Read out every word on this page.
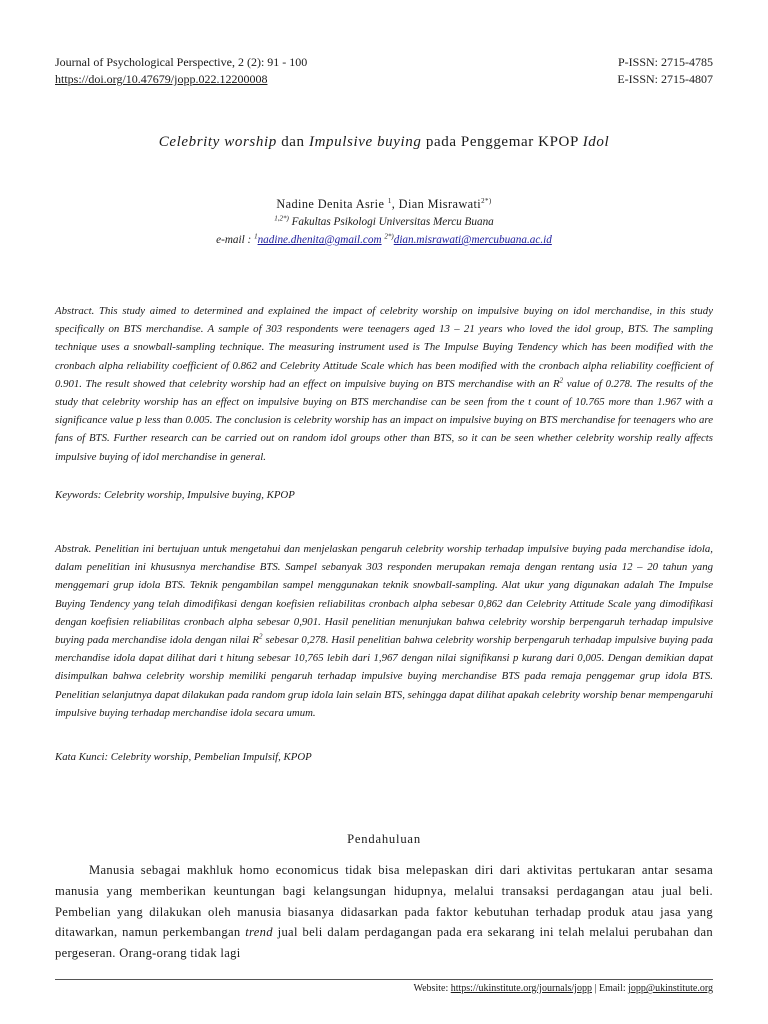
Journal of Psychological Perspective, 2 (2): 91 - 100	P-ISSN: 2715-4785
https://doi.org/10.47679/jopp.022.12200008	E-ISSN: 2715-4807
Celebrity worship dan Impulsive buying pada Penggemar KPOP Idol
Nadine Denita Asrie $^1$, Dian Misrawati$^{2*)}$
$^{1,2*)}$ Fakultas Psikologi Universitas Mercu Buana
e-mail : $^1$nadine.dhenita@gmail.com $^{2*)}$dian.misrawati@mercubuana.ac.id
Abstract. This study aimed to determined and explained the impact of celebrity worship on impulsive buying on idol merchandise, in this study specifically on BTS merchandise. A sample of 303 respondents were teenagers aged 13 – 21 years who loved the idol group, BTS. The sampling technique uses a snowball-sampling technique. The measuring instrument used is The Impulse Buying Tendency which has been modified with the cronbach alpha reliability coefficient of 0.862 and Celebrity Attitude Scale which has been modified with the cronbach alpha reliability coefficient of 0.901. The result showed that celebrity worship had an effect on impulsive buying on BTS merchandise with an $R^2$ value of 0.278. The results of the study that celebrity worship has an effect on impulsive buying on BTS merchandise can be seen from the t count of 10.765 more than 1.967 with a significance value p less than 0.005. The conclusion is celebrity worship has an impact on impulsive buying on BTS merchandise for teenagers who are fans of BTS. Further research can be carried out on random idol groups other than BTS, so it can be seen whether celebrity worship really affects impulsive buying of idol merchandise in general.
Keywords: Celebrity worship, Impulsive buying, KPOP
Abstrak. Penelitian ini bertujuan untuk mengetahui dan menjelaskan pengaruh celebrity worship terhadap impulsive buying pada merchandise idola, dalam penelitian ini khususnya merchandise BTS. Sampel sebanyak 303 responden merupakan remaja dengan rentang usia 12 – 20 tahun yang menggemari grup idola BTS. Teknik pengambilan sampel menggunakan teknik snowball-sampling. Alat ukur yang digunakan adalah The Impulse Buying Tendency yang telah dimodifikasi dengan koefisien reliabilitas cronbach alpha sebesar 0,862 dan Celebrity Attitude Scale yang dimodifikasi dengan koefisien reliabilitas cronbach alpha sebesar 0,901. Hasil penelitian menunjukan bahwa celebrity worship berpengaruh terhadap impulsive buying pada merchandise idola dengan nilai $R^2$ sebesar 0,278. Hasil penelitian bahwa celebrity worship berpengaruh terhadap impulsive buying pada merchandise idola dapat dilihat dari t hitung sebesar 10,765 lebih dari 1,967 dengan nilai signifikansi p kurang dari 0,005. Dengan demikian dapat disimpulkan bahwa celebrity worship memiliki pengaruh terhadap impulsive buying merchandise BTS pada remaja penggemar grup idola BTS. Penelitian selanjutnya dapat dilakukan pada random grup idola lain selain BTS, sehingga dapat dilihat apakah celebrity worship benar mempengaruhi impulsive buying terhadap merchandise idola secara umum.
Kata Kunci: Celebrity worship, Pembelian Impulsif, KPOP
Pendahuluan
Manusia sebagai makhluk homo economicus tidak bisa melepaskan diri dari aktivitas pertukaran antar sesama manusia yang memberikan keuntungan bagi kelangsungan hidupnya, melalui transaksi perdagangan atau jual beli. Pembelian yang dilakukan oleh manusia biasanya didasarkan pada faktor kebutuhan terhadap produk atau jasa yang ditawarkan, namun perkembangan trend jual beli dalam perdagangan pada era sekarang ini telah melalui perubahan dan pergeseran. Orang-orang tidak lagi
Website: https://ukinstitute.org/journals/jopp | Email: jopp@ukinstitute.org
